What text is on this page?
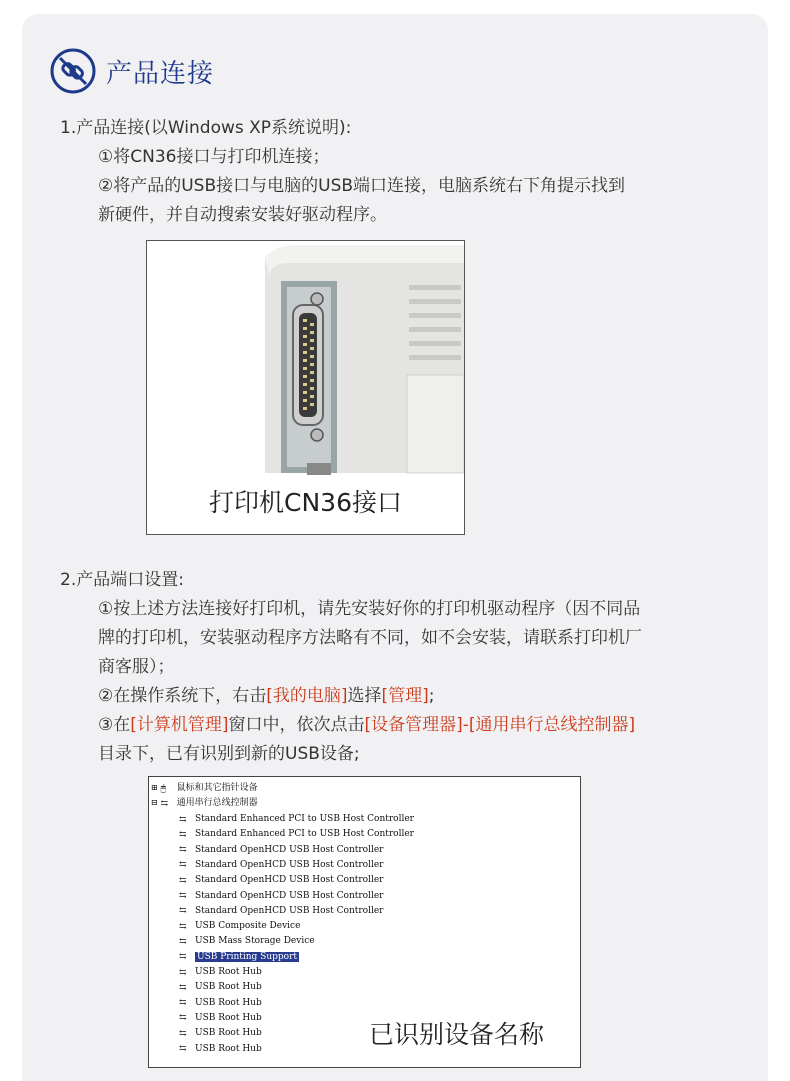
产品连接
1.产品连接(以Windows XP系统说明):
①将CN36接口与打印机连接；
②将产品的USB接口与电脑的USB端口连接，电脑系统右下角提示找到
新硬件，并自动搜索安装好驱动程序。
打印机CN36接口
2.产品端口设置:
①按上述方法连接好打印机，请先安装好你的打印机驱动程序（因不同品
牌的打印机，安装驱动程序方法略有不同，如不会安装，请联系打印机厂
商客服）；
②在操作系统下，右击[我的电脑]选择[管理];
③在[计算机管理]窗口中，依次点击[设备管理器]-[通用串行总线控制器]
目录下，已有识别到新的USB设备;
⊞ 🖱 鼠标和其它指针设备
⊟ ⇆ 通用串行总线控制器
⇆ Standard Enhanced PCI to USB Host Controller
⇆ Standard Enhanced PCI to USB Host Controller
⇆ Standard OpenHCD USB Host Controller
⇆ Standard OpenHCD USB Host Controller
⇆ Standard OpenHCD USB Host Controller
⇆ Standard OpenHCD USB Host Controller
⇆ Standard OpenHCD USB Host Controller
⇆ USB Composite Device
⇆ USB Mass Storage Device
⇆ USB Printing Support
⇆ USB Root Hub
⇆ USB Root Hub
⇆ USB Root Hub
⇆ USB Root Hub
⇆ USB Root Hub
⇆ USB Root Hub	已识别设备名称
